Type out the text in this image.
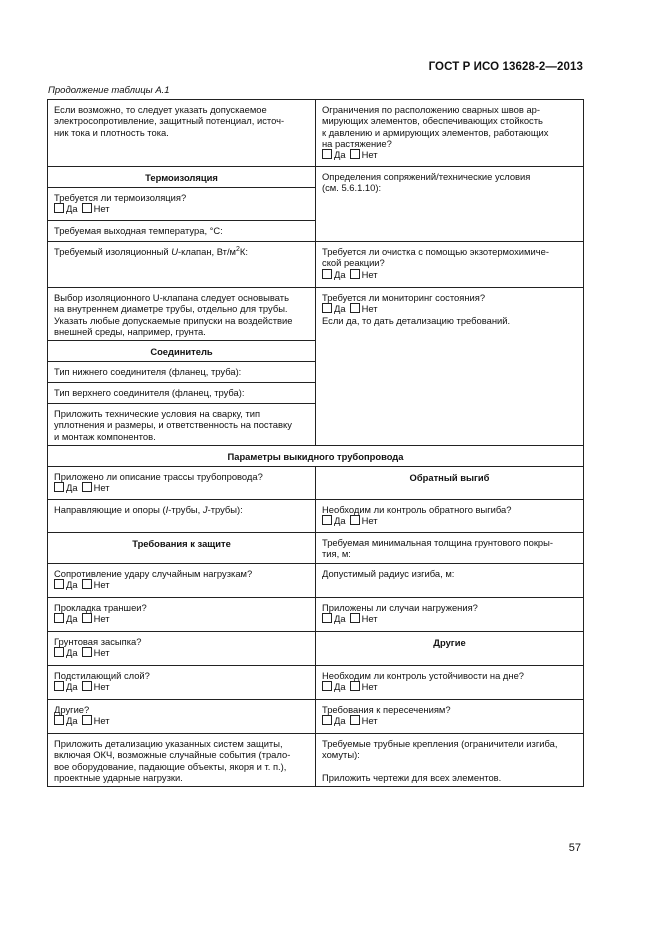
ГОСТ Р ИСО 13628-2—2013
Продолжение таблицы А.1
Если возможно, то следует указать допускаемое
электросопротивление, защитный потенциал, источ-
ник тока и плотность тока.	Ограничения по расположению сварных швов ар-
мирующих элементов, обеспечивающих стойкость
к давлению и армирующих элементов, работающих
на растяжение?
Да Нет

Термоизоляция	Определения сопряжений/технические условия
(см. 5.6.1.10):

Требуется ли термоизоляция?
Да Нет	

Требуемая выходная температура, °C:	
Требуемый изоляционный U-клапан, $Вт/м^2К$:	Требуется ли очистка с помощью экзотермохимиче-
ской реакции?
Да Нет

Выбор изоляционного U-клапана следует основывать
на внутреннем диаметре трубы, отдельно для трубы.
Указать любые допускаемые припуски на воздействие
внешней среды, например, грунта.	Требуется ли мониторинг состояния?
Да Нет
Если да, то дать детализацию требований.

Соединитель	
Тип нижнего соединителя (фланец, труба):	
Тип верхнего соединителя (фланец, труба):	

Приложить технические условия на сварку, тип
уплотнения и размеры, и ответственность на поставку
и монтаж компонентов.	

Параметры выкидного трубопровода	

Приложено ли описание трассы трубопровода?
Да Нет	Обратный выгиб
Направляющие и опоры (I-трубы, J-трубы):	Необходим ли контроль обратного выгиба?
Да Нет

Требования к защите	Требуемая минимальная толщина грунтового покры-
тия, м:

Сопротивление удару случайным нагрузкам?
Да Нет	Допустимый радиус изгиба, м:

Прокладка траншеи?
Да Нет	Приложены ли случаи нагружения?
Да Нет

Грунтовая засыпка?
Да Нет	Другие

Подстилающий слой?
Да Нет	Необходим ли контроль устойчивости на дне?
Да Нет

Другие?
Да Нет	Требования к пересечениям?
Да Нет

Приложить детализацию указанных систем защиты,
включая ОКЧ, возможные случайные события (трало-
вое оборудование, падающие объекты, якоря и т. п.),
проектные ударные нагрузки.	Требуемые трубные крепления (ограничители изгиба,
хомуты):
Приложить чертежи для всех элементов.
57
